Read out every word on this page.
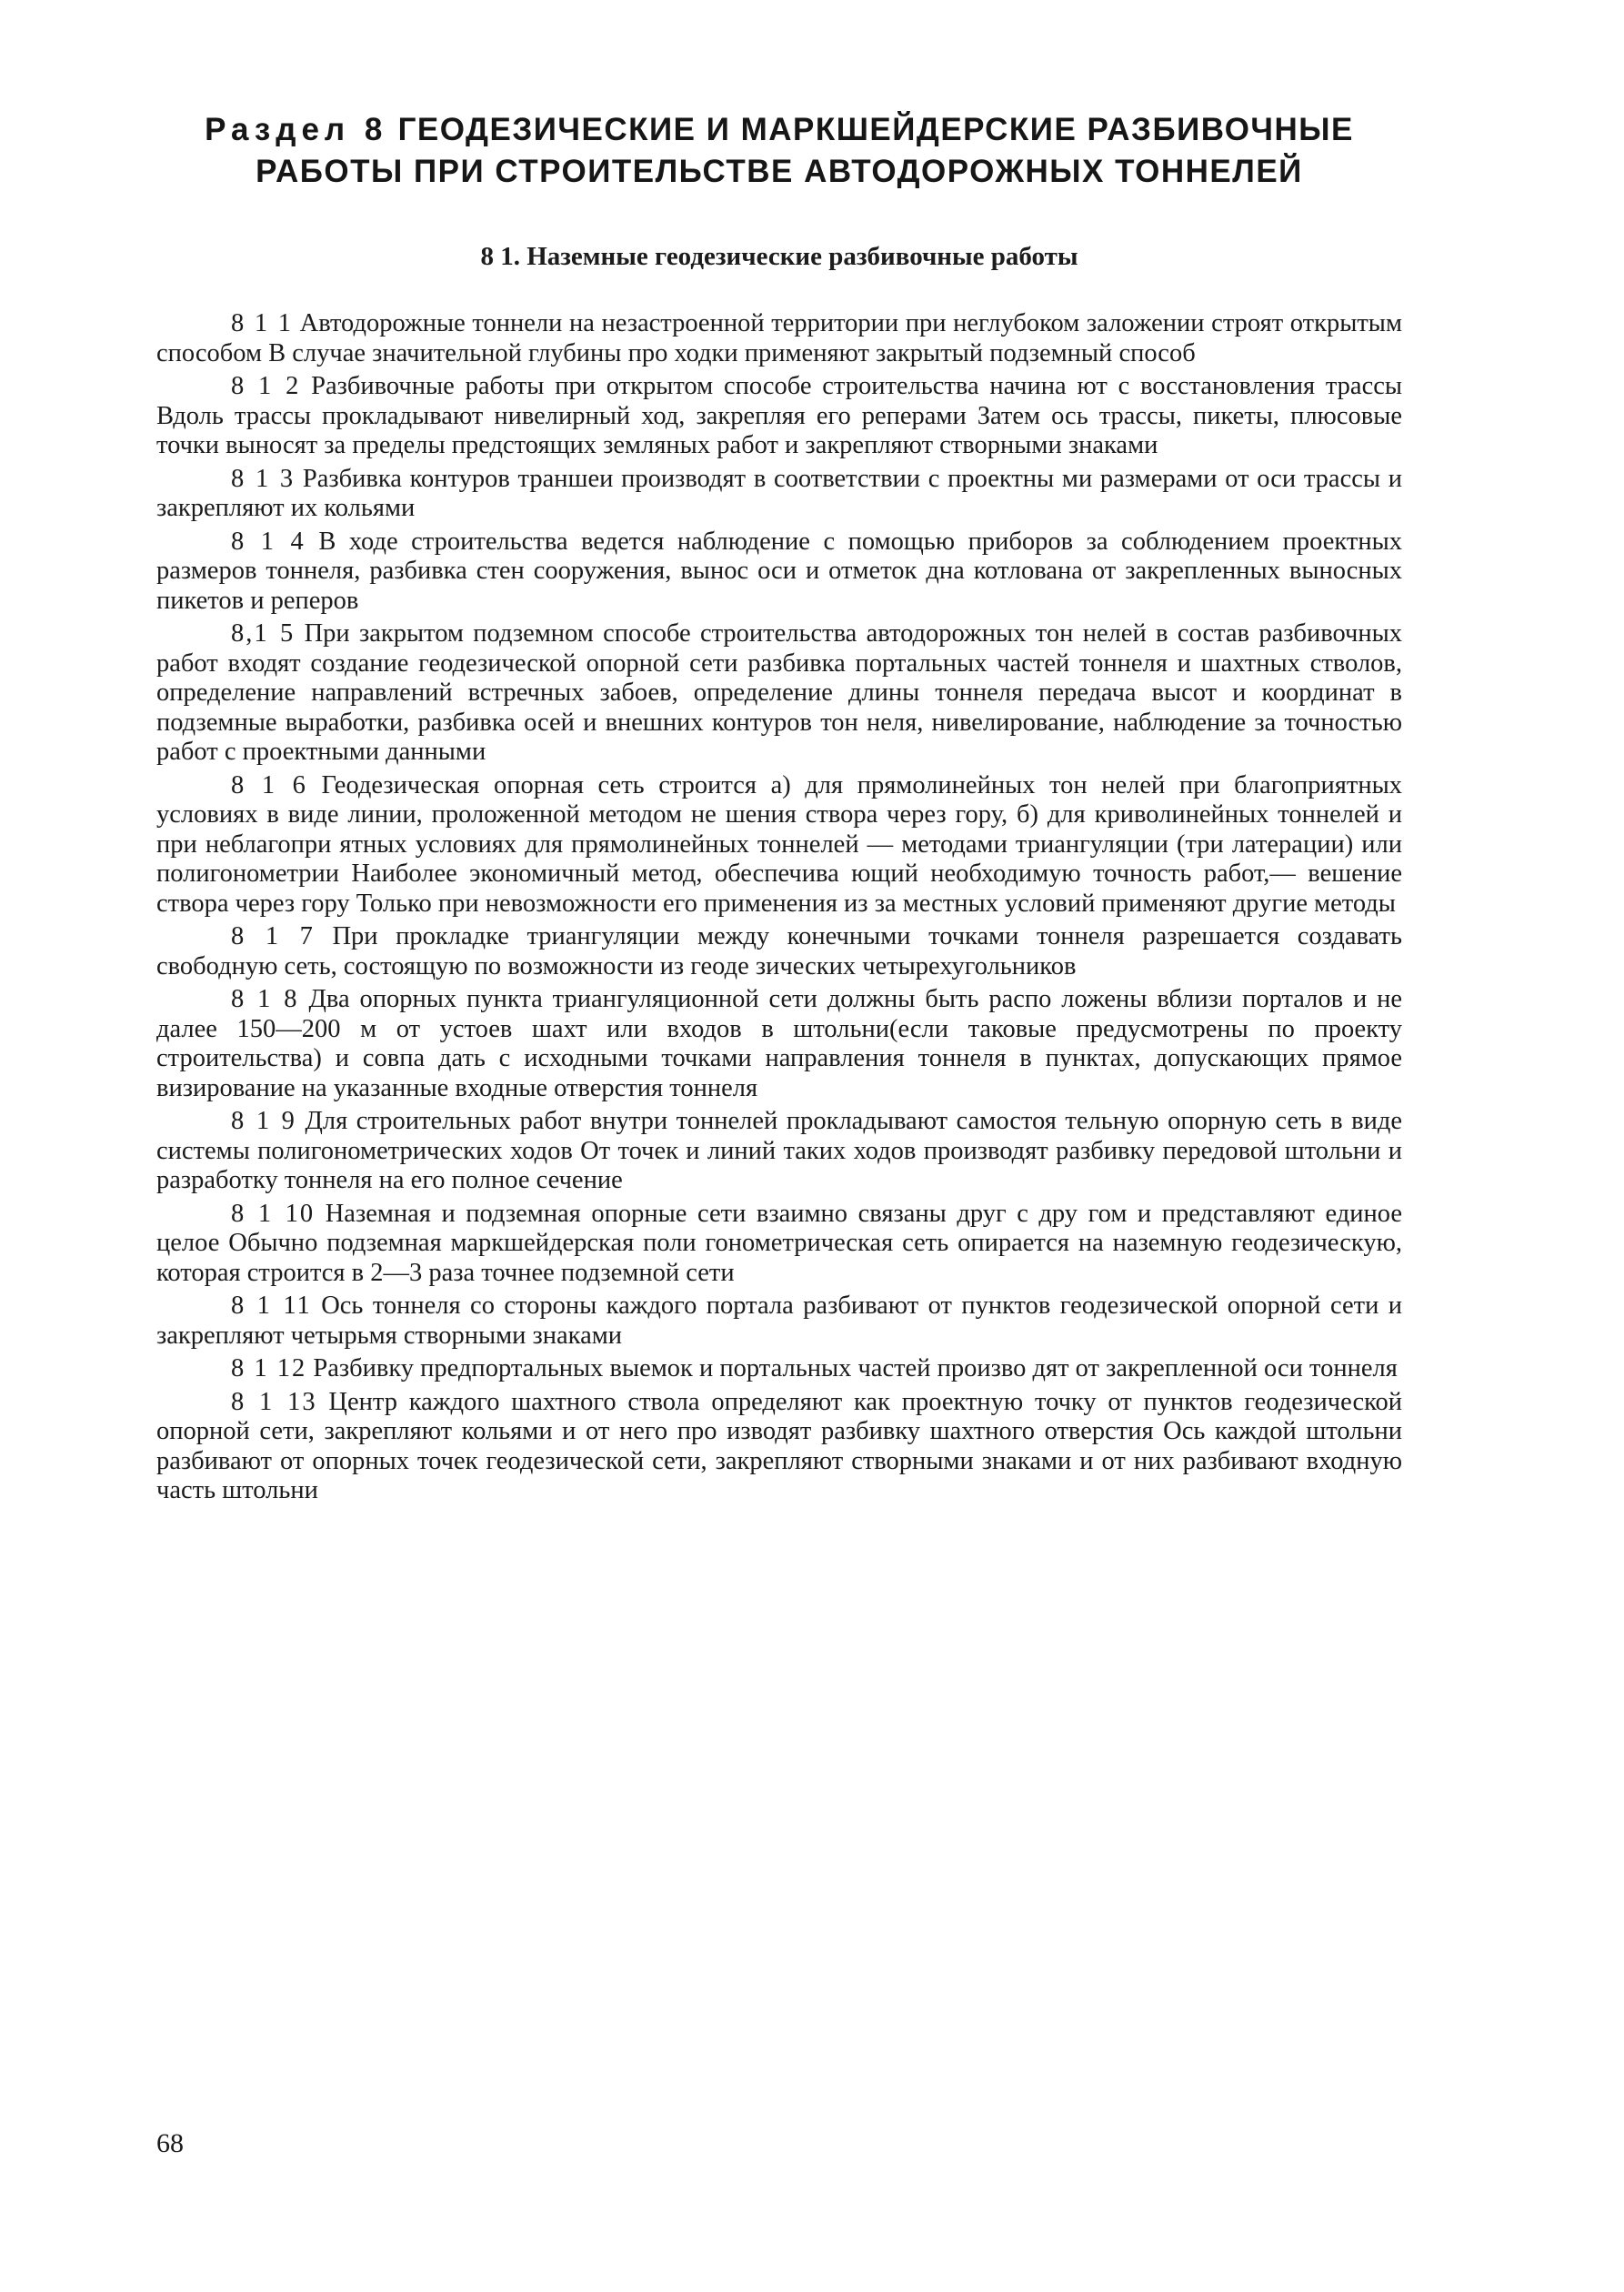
Раздел 8 ГЕОДЕЗИЧЕСКИЕ И МАРКШЕЙДЕРСКИЕ РАЗБИВОЧНЫЕ
РАБОТЫ ПРИ СТРОИТЕЛЬСТВЕ АВТОДОРОЖНЫХ ТОННЕЛЕЙ
8 1. Наземные геодезические разбивочные работы

8 1 1 Автодорожные тоннели на незастроенной территории при неглубоком заложении строят открытым способом В случае значительной глубины про ходки применяют закрытый подземный способ

8 1 2 Разбивочные работы при открытом способе строительства начина ют с восстановления трассы Вдоль трассы прокладывают нивелирный ход, закрепляя его реперами Затем ось трассы, пикеты, плюсовые точки выносят за пределы предстоящих земляных работ и закрепляют створными знаками

8 1 3 Разбивка контуров траншеи производят в соответствии с проектны ми размерами от оси трассы и закрепляют их кольями

8 1 4 В ходе строительства ведется наблюдение с помощью приборов за соблюдением проектных размеров тоннеля, разбивка стен сооружения, выноc оси и отметок дна котлована от закрепленных выносных пикетов и реперов

8,1 5 При закрытом подземном способе строительства автодорожных тон нелей в состав разбивочных работ входят создание геодезической опорной сети разбивка портальных частей тоннеля и шахтных стволов, определение направлений встречных забоев, определение длины тоннеля передача высот и координат в подземные выработки, разбивка осей и внешних контуров тон неля, нивелирование, наблюдение за точностью работ с проектными данными

8 1 6 Геодезическая опорная сеть строится а) для прямолинейных тон нелей при благоприятных условиях в виде линии, проложенной методом не шения створа через гору, б) для криволинейных тоннелей и при неблагопри ятных условиях для прямолинейных тоннелей — методами триангуляции (три латерации) или полигонометрии Наиболее экономичный метод, обеспечива ющий необходимую точность работ,— вешение створа через гору Только при невозможности его применения из за местных условий применяют другие методы

8 1 7 При прокладке триангуляции между конечными точками тоннеля разрешается создавать свободную сеть, состоящую по возможности из геоде зических четырехугольников

8 1 8 Два опорных пункта триангуляционной сети должны быть распо ложены вблизи порталов и не далее 150—200 м от устоев шахт или входов в штольни(если таковые предусмотрены по проекту строительства) и совпа дать с исходными точками направления тоннеля в пунктах, допускающих прямое визирование на указанные входные отверстия тоннеля

8 1 9 Для строительных работ внутри тоннелей прокладывают самостоя тельную опорную сеть в виде системы полигонометрических ходов От точек и линий таких ходов производят разбивку передовой штольни и разработку тоннеля на его полное сечение

8 1 10 Наземная и подземная опорные сети взаимно связаны друг с дру гом и представляют единое целое Обычно подземная маркшейдерская поли гонометрическая сеть опирается на наземную геодезическую, которая строится в 2—3 раза точнее подземной сети

8 1 11 Ось тоннеля со стороны каждого портала разбивают от пунктов геодезической опорной сети и закрепляют четырьмя створными знаками

8 1 12 Разбивку предпортальных выемок и портальных частей произво дят от закрепленной оси тоннеля

8 1 13 Центр каждого шахтного ствола определяют как проектную точку от пунктов геодезической опорной сети, закрепляют кольями и от него про изводят разбивку шахтного отверстия Ось каждой штольни разбивают от опорных точек геодезической сети, закрепляют створными знаками и от них разбивают входную часть штольни

68
